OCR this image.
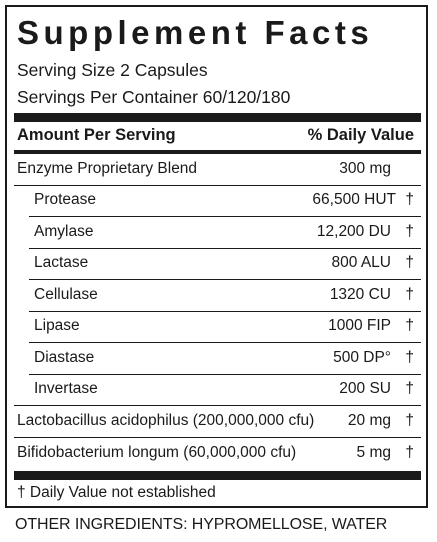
Supplement Facts
Serving Size 2 Capsules
Servings Per Container 60/120/180
Amount Per Serving	% Daily Value
Enzyme Proprietary Blend	300 mg
Protease	66,500 HUT †
Amylase	12,200 DU †
Lactase	800 ALU †
Cellulase	1320 CU †
Lipase	1000 FIP †
Diastase	500 DP° †
Invertase	200 SU †
Lactobacillus acidophilus (200,000,000 cfu) 20 mg †
Bifidobacterium longum (60,000,000 cfu)	5 mg †
† Daily Value not established
OTHER INGREDIENTS: HYPROMELLOSE, WATER
